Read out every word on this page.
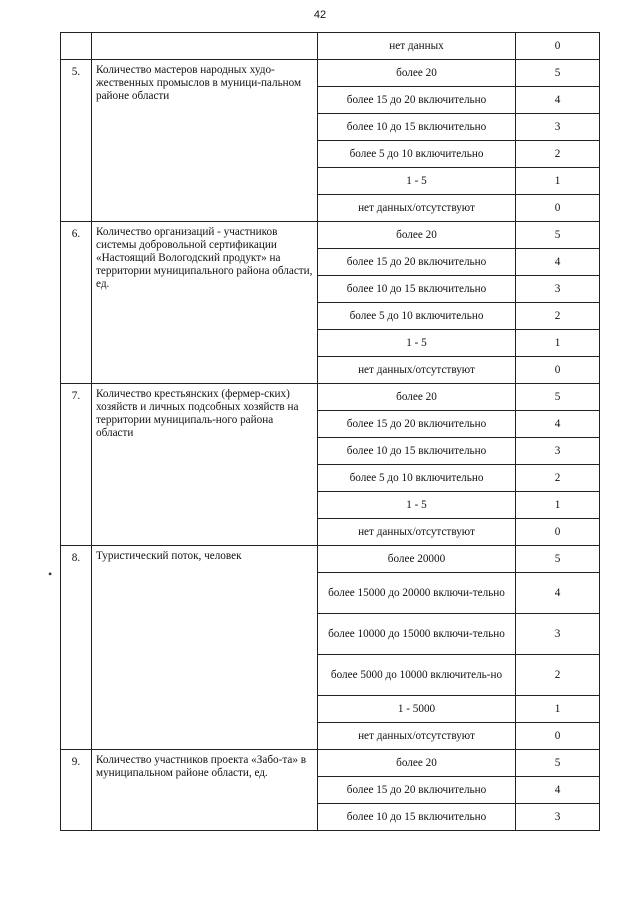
42
		нет данных	0
5.	Количество мастеров народных худо-жественных промыслов в муници-пальном районе области	более 20	5
		более 15 до 20 включительно	4
		более 10 до 15 включительно	3
		более 5 до 10 включительно	2
		1 - 5	1
		нет данных/отсутствуют	0
6.	Количество организаций - участников системы добровольной сертификации «Настоящий Вологодский продукт» на территории муниципального района области, ед.	более 20	5
		более 15 до 20 включительно	4
		более 10 до 15 включительно	3
		более 5 до 10 включительно	2
		1 - 5	1
		нет данных/отсутствуют	0
7.	Количество крестьянских (фермер-ских) хозяйств и личных подсобных хозяйств на территории муниципаль-ного района области	более 20	5
		более 15 до 20 включительно	4
		более 10 до 15 включительно	3
		более 5 до 10 включительно	2
		1 - 5	1
		нет данных/отсутствуют	0
8.	Туристический поток, человек	более 20000	5
		более 15000 до 20000 включи-тельно	4
		более 10000 до 15000 включи-тельно	3
		более 5000 до 10000 включитель-но	2
		1 - 5000	1
		нет данных/отсутствуют	0
9.	Количество участников проекта «Забо-та» в муниципальном районе области, ед.	более 20	5
		более 15 до 20 включительно	4
		более 10 до 15 включительно	3
•
